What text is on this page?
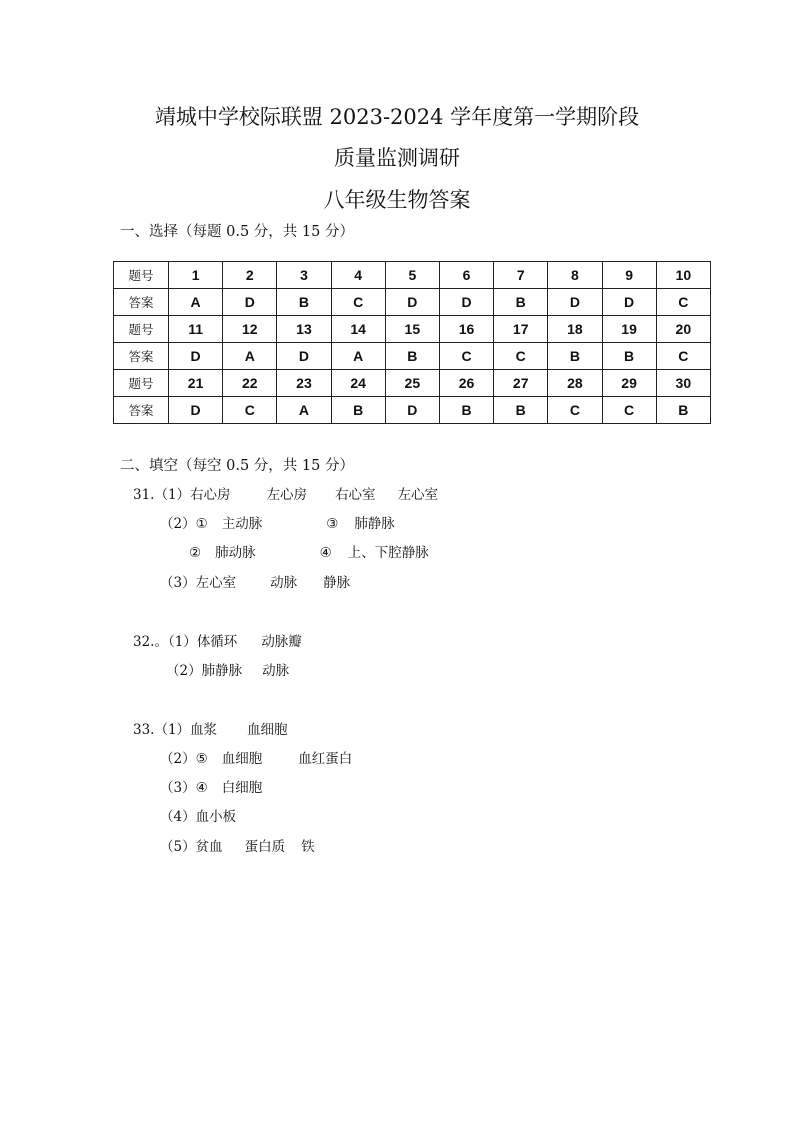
靖城中学校际联盟 2023-2024 学年度第一学期阶段
质量监测调研
八年级生物答案
一、选择（每题 0.5 分，共 15 分）
题号	1	2	3	4	5	6	7	8	9	10
答案	A	D	B	C	D	D	B	D	D	C
题号	11	12	13	14	15	16	17	18	19	20
答案	D	A	D	A	B	C	C	B	B	C
题号	21	22	23	24	25	26	27	28	29	30
答案	D	C	A	B	D	B	B	C	C	B
二、填空（每空 0.5 分，共 15 分）
31.（1）右心房	左心房 右心室 左心室
（2）① 主动脉	③ 肺静脉
② 肺动脉	④ 上、下腔静脉
（3）左心室	动脉 静脉
32.。（1）体循环 动脉瓣
（2）肺静脉 动脉
33.（1）血浆 血细胞
（2）⑤ 血细胞	血红蛋白
（3）④ 白细胞
（4）血小板
（5）贫血 蛋白质 铁
